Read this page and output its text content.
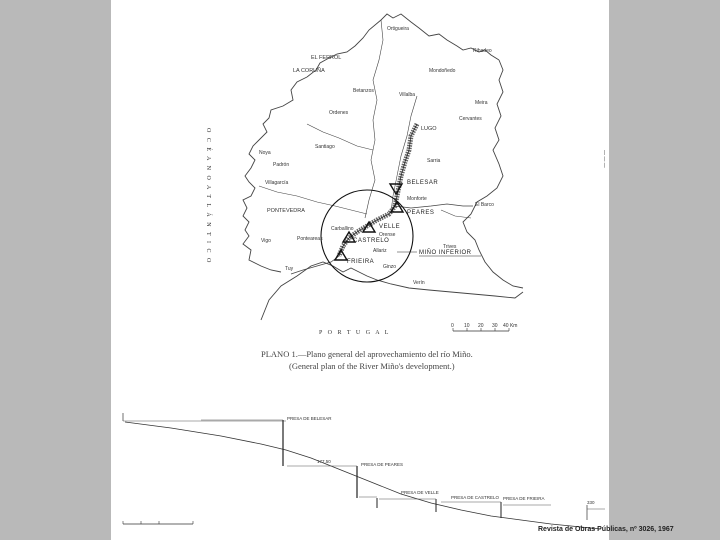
Ortigueira
Ribadeo
EL FERROL
LA CORUÑA	Mondoñedo
Betanzos
Villalba
Meira
Ordenes
LUGO
Santiago
Cervantes
Noya
Padrón
Sarria
Villagarcía
Monforte
PONTEVEDRA
El Barco
Vigo	Ponteareas
Tuy
Orense
Allariz
Ginzo
Verín
Trives
Carballino
BELESAR
PEARES
VELLE
CASTRELO
FRIEIRA
MIÑO INFERIOR
O C É A N O A T L Á N T I C O
P O R T U G A L
0 10 20 30 40 Km
— — —
PLANO 1.—Plano general del aprovechamiento del río Miño.
(General plan of the River Miño's development.)
PRESA DE BELESAR
177,50
PRESA DE PEARES
PRESA DE VELLE
PRESA DE CASTRELO PRESA DE FRIEIRA
330
Revista de Obras Públicas, nº 3026, 1967
